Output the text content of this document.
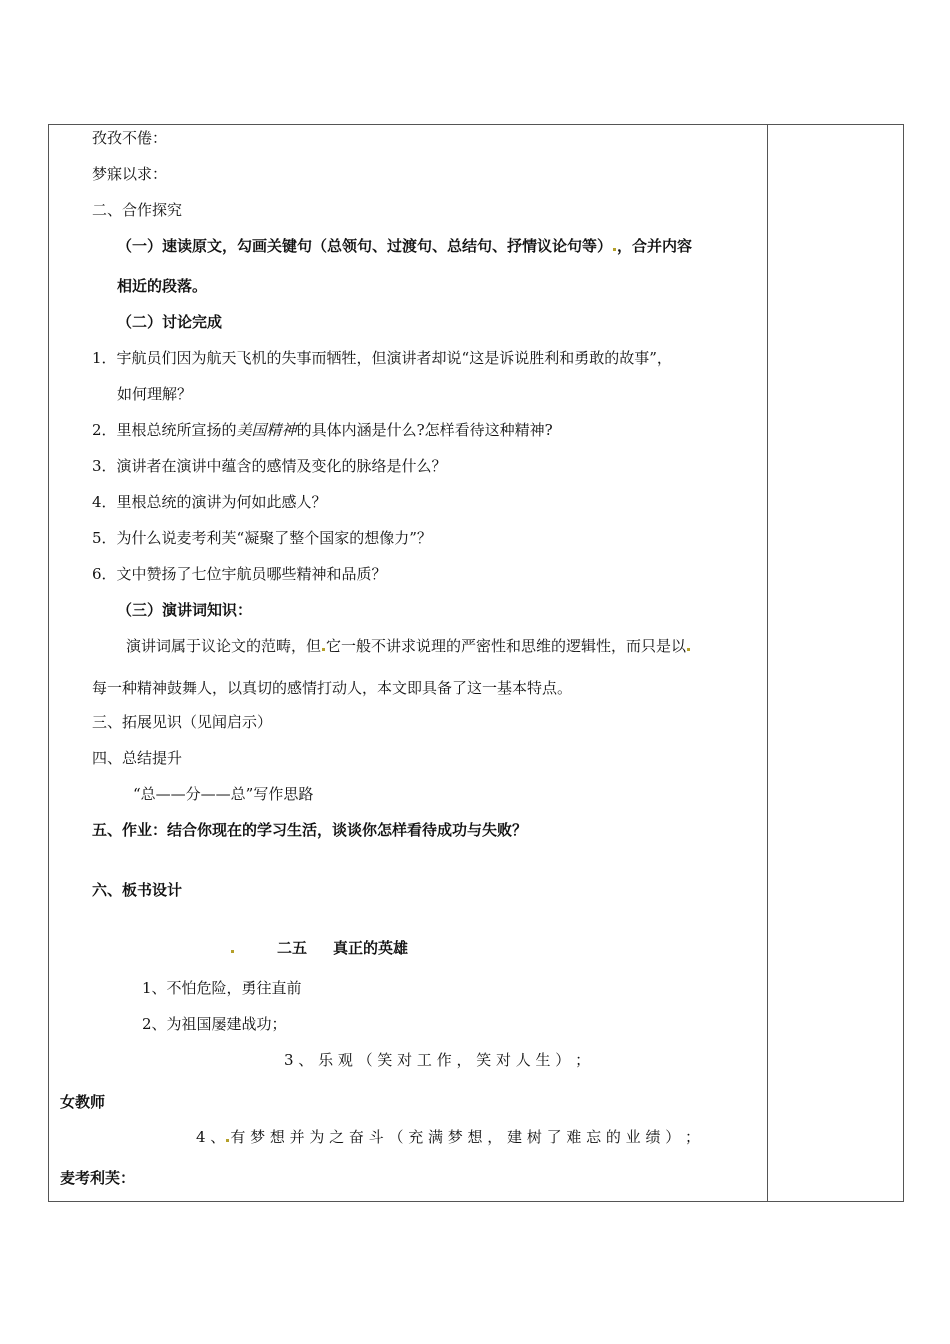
孜孜不倦：
梦寐以求：
二、合作探究
（一）速读原文，勾画关键句（总领句、过渡句、总结句、抒情议论句等） ，合并内容
相近的段落。
（二）讨论完成
1．宇航员们因为航天飞机的失事而牺牲，但演讲者却说“这是诉说胜利和勇敢的故事”，
如何理解？
2．里根总统所宣扬的美国精神的具体内涵是什么?怎样看待这种精神?
3．演讲者在演讲中蕴含的感情及变化的脉络是什么？
4．里根总统的演讲为何如此感人？
5．为什么说麦考利芙“凝聚了整个国家的想像力”？
6．文中赞扬了七位宇航员哪些精神和品质？
（三）演讲词知识：
演讲词属于议论文的范畴，但 它一般不讲求说理的严密性和思维的逻辑性，而只是以
每一种精神鼓舞人，以真切的感情打动人，本文即具备了这一基本特点。
三、拓展见识（见闻启示）
四、总结提升
“总——分——总”写作思路
五、作业：结合你现在的学习生活，谈谈你怎样看待成功与失败？
六、板书设计
二五 真正的英雄
1、不怕危险，勇往直前
2、为祖国屡建战功；
3 、 乐 观 （ 笑 对 工 作 ， 笑 对 人 生 ） ；
女教师
4 、 有 梦 想 并 为 之 奋 斗 （ 充 满 梦 想 ， 建 树 了 难 忘 的 业 绩 ） ；
麦考利芙：
